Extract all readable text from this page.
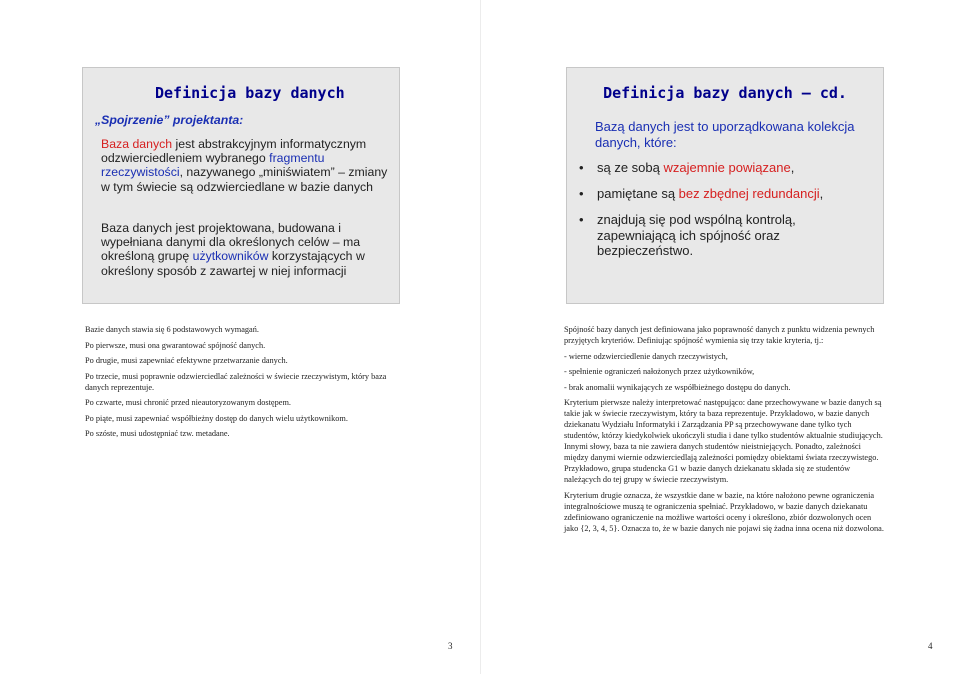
Definicja bazy danych
„Spojrzenie” projektanta:
Baza danych jest abstrakcyjnym informatycznym odzwierciedleniem wybranego fragmentu rzeczywistości, nazywanego „miniświatem” – zmiany w tym świecie są odzwierciedlane w bazie danych
Baza danych jest projektowana, budowana i wypełniana danymi dla określonych celów – ma określoną grupę użytkowników korzystających w określony sposób z zawartej w niej informacji

Bazie danych stawia się 6 podstawowych wymagań.

Po pierwsze, musi ona gwarantować spójność danych.

Po drugie, musi zapewniać efektywne przetwarzanie danych.

Po trzecie, musi poprawnie odzwierciedlać zależności w świecie rzeczywistym, który baza danych reprezentuje.

Po czwarte, musi chronić przed nieautoryzowanym dostępem.

Po piąte, musi zapewniać współbieżny dostęp do danych wielu użytkownikom.

Po szóste, musi udostępniać tzw. metadane.

3
Definicja bazy danych – cd.
Bazą danych jest to uporządkowana kolekcja danych, które:
• są ze sobą wzajemnie powiązane,
• pamiętane są bez zbędnej redundancji,
• znajdują się pod wspólną kontrolą, zapewniającą ich spójność oraz bezpieczeństwo.

Spójność bazy danych jest definiowana jako poprawność danych z punktu widzenia pewnych przyjętych kryteriów. Definiując spójność wymienia się trzy takie kryteria, tj.:

- wierne odzwierciedlenie danych rzeczywistych,

- spełnienie ograniczeń nałożonych przez użytkowników,

- brak anomalii wynikających ze współbieżnego dostępu do danych.

Kryterium pierwsze należy interpretować następująco: dane przechowywane w bazie danych są takie jak w świecie rzeczywistym, który ta baza reprezentuje. Przykładowo, w bazie danych dziekanatu Wydziału Informatyki i Zarządzania PP są przechowywane dane tylko tych studentów, którzy kiedykolwiek ukończyli studia i dane tylko studentów aktualnie studiujących. Innymi słowy, baza ta nie zawiera danych studentów nieistniejących. Ponadto, zależności między danymi wiernie odzwierciedlają zależności pomiędzy obiektami świata rzeczywistego. Przykładowo, grupa studencka G1 w bazie danych dziekanatu składa się ze studentów należących do tej grupy w świecie rzeczywistym.

Kryterium drugie oznacza, że wszystkie dane w bazie, na które nałożono pewne ograniczenia integralnościowe muszą te ograniczenia spełniać. Przykładowo, w bazie danych dziekanatu zdefiniowano ograniczenie na możliwe wartości oceny i określono, zbiór dozwolonych ocen jako {2, 3, 4, 5}. Oznacza to, że w bazie danych nie pojawi się żadna inna ocena niż dozwolona.

4
